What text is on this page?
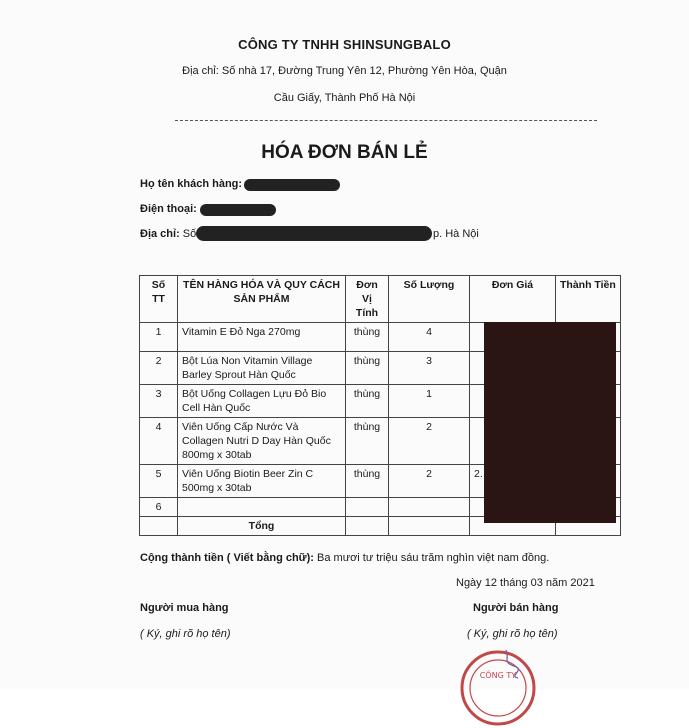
CÔNG TY TNHH SHINSUNGBALO
Địa chỉ: Số nhà 17, Đường Trung Yên 12, Phường Yên Hòa, Quận
Cầu Giấy, Thành Phố Hà Nội
HÓA ĐƠN BÁN LẺ
Họ tên khách hàng:
Điện thoại:
Địa chỉ: Số	p. Hà Nội
Số TT	TÊN HÀNG HÓA VÀ QUY CÁCH SẢN PHẨM	Đơn Vị Tính	Số Lượng	Đơn Giá	Thành Tiền
1	Vitamin E Đỏ Nga 270mg	thùng	4		
2	Bột Lúa Non Vitamin Village Barley Sprout Hàn Quốc	thùng	3		
3	Bột Uống Collagen Lựu Đỏ Bio Cell Hàn Quốc	thùng	1		
4	Viên Uống Cấp Nước Và Collagen Nutri D Day Hàn Quốc 800mg x 30tab	thùng	2		
5	Viên Uống Biotin Beer Zin C 500mg x 30tab	thùng	2	2.	
6					
	Tổng				
Cộng thành tiền ( Viết bằng chữ): Ba mươi tư triệu sáu trăm nghìn việt nam đồng.
Ngày 12 tháng 03 năm 2021
Người mua hàng	Người bán hàng
( Ký, ghi rõ họ tên)	( Ký, ghi rõ họ tên)
CÔNG TY
